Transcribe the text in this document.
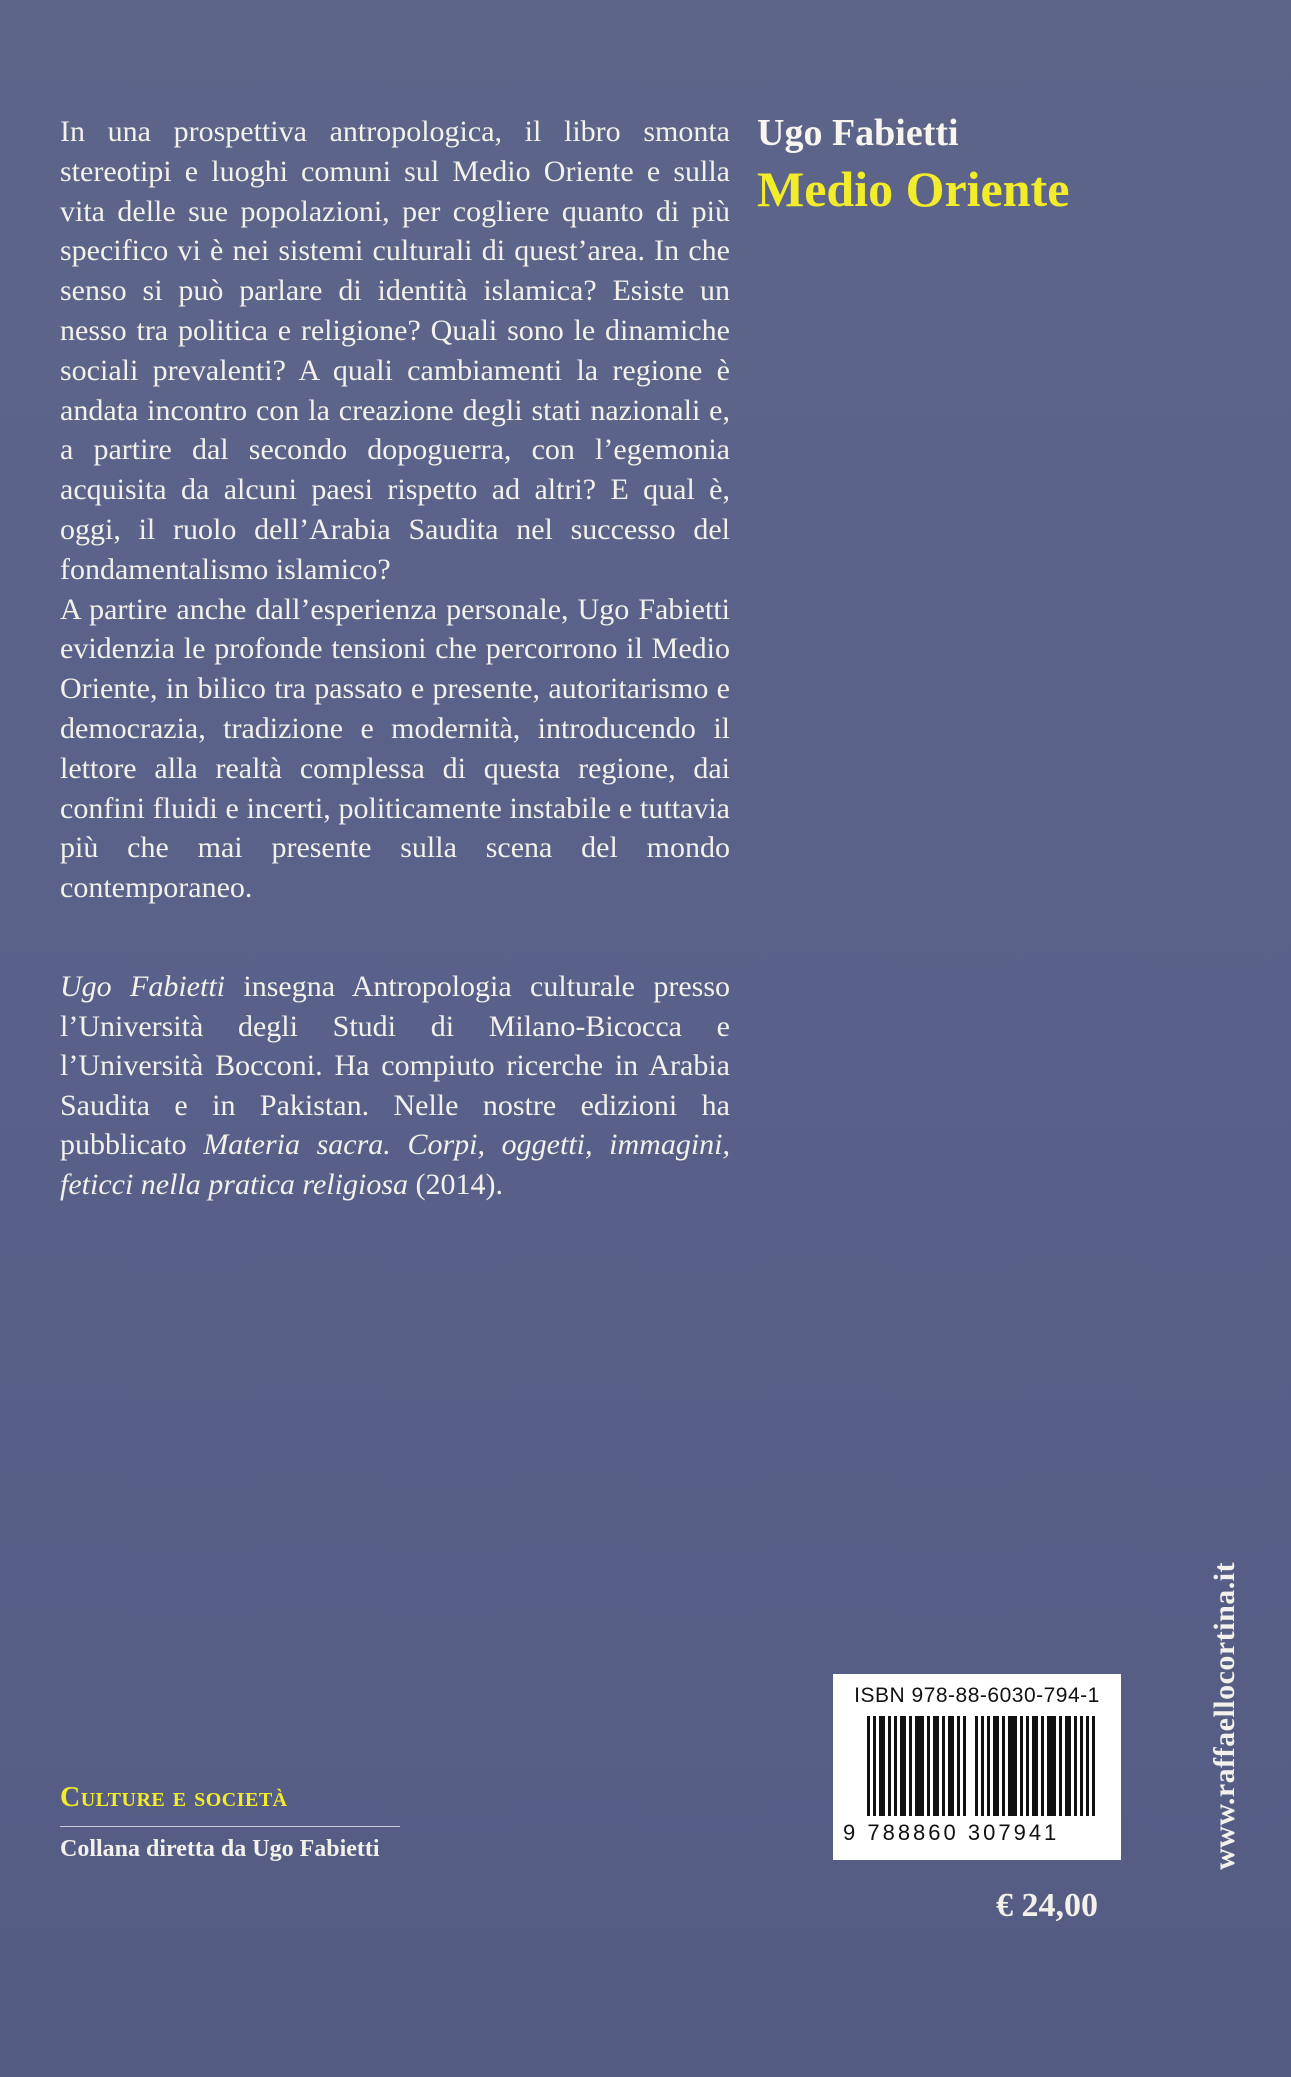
In una prospettiva antropologica, il libro smonta stereotipi e luoghi comuni sul Medio Oriente e sulla vita delle sue popolazioni, per cogliere quanto di più specifico vi è nei sistemi culturali di quest’area. In che senso si può parlare di identità islamica? Esiste un nesso tra politica e religione? Quali sono le dinamiche sociali prevalenti? A quali cambiamenti la regione è andata incontro con la creazione degli stati nazionali e, a partire dal secondo dopoguerra, con l’egemonia acquisita da alcuni paesi rispetto ad altri? E qual è, oggi, il ruolo dell’Arabia Saudita nel successo del fondamentalismo islamico?

A partire anche dall’esperienza personale, Ugo Fabietti evidenzia le profonde tensioni che percorrono il Medio Oriente, in bilico tra passato e presente, autoritarismo e democrazia, tradizione e modernità, introducendo il lettore alla realtà complessa di questa regione, dai confini fluidi e incerti, politicamente instabile e tuttavia più che mai presente sulla scena del mondo contemporaneo.

Ugo Fabietti insegna Antropologia culturale presso l’Università degli Studi di Milano-Bicocca e l’Università Bocconi. Ha compiuto ricerche in Arabia Saudita e in Pakistan. Nelle nostre edizioni ha pubblicato Materia sacra. Corpi, oggetti, immagini, feticci nella pratica religiosa (2014).

Ugo Fabietti
Medio Oriente
www.raffaellocortina.it
Culture e società
Collana diretta da Ugo Fabietti
ISBN 978-88-6030-794-1
9 788860 307941
€ 24,00
